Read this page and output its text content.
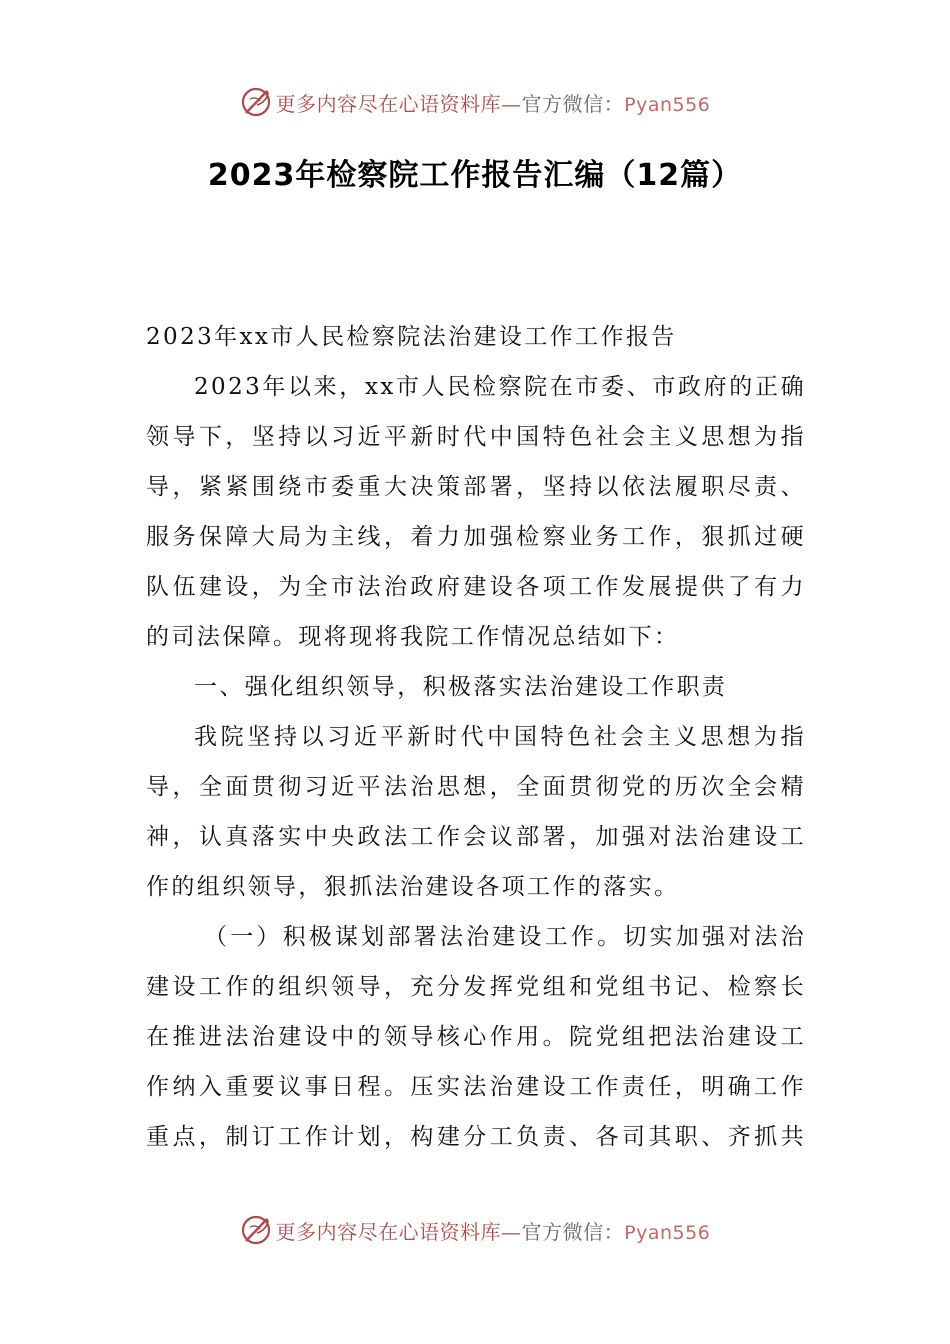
更多内容尽在心语资料库—官方微信：Pyan556
2023年检察院工作报告汇编（12篇）

2023年xx市人民检察院法治建设工作工作报告

2023年以来，xx市人民检察院在市委、市政府的正确领导下，坚持以习近平新时代中国特色社会主义思想为指导，紧紧围绕市委重大决策部署，坚持以依法履职尽责、服务保障大局为主线，着力加强检察业务工作，狠抓过硬队伍建设，为全市法治政府建设各项工作发展提供了有力的司法保障。现将现将我院工作情况总结如下：

一、强化组织领导，积极落实法治建设工作职责

我院坚持以习近平新时代中国特色社会主义思想为指导，全面贯彻习近平法治思想，全面贯彻党的历次全会精神，认真落实中央政法工作会议部署，加强对法治建设工作的组织领导，狠抓法治建设各项工作的落实。

（一）积极谋划部署法治建设工作。切实加强对法治建设工作的组织领导，充分发挥党组和党组书记、检察长在推进法治建设中的领导核心作用。院党组把法治建设工作纳入重要议事日程。压实法治建设工作责任，明确工作重点，制订工作计划，构建分工负责、各司其职、齐抓共

更多内容尽在心语资料库—官方微信：Pyan556
